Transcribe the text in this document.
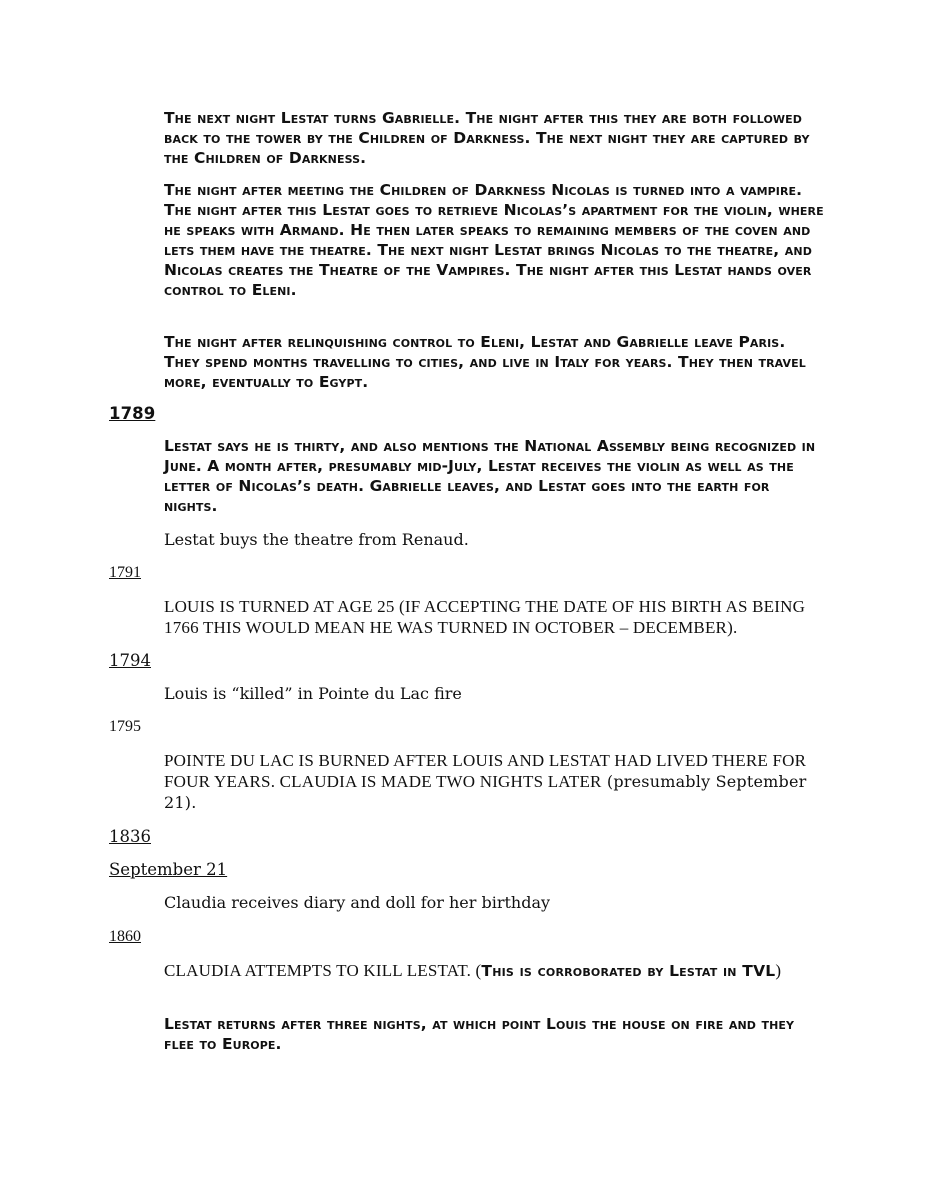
The next night Lestat turns Gabrielle. The night after this they are both followed back to the tower by the Children of Darkness. The next night they are captured by the Children of Darkness.

The night after meeting the Children of Darkness Nicolas is turned into a vampire. The night after this Lestat goes to retrieve Nicolas’s apartment for the violin, where he speaks with Armand. He then later speaks to remaining members of the coven and lets them have the theatre. The next night Lestat brings Nicolas to the theatre, and Nicolas creates the Theatre of the Vampires. The night after this Lestat hands over control to Eleni.

The night after relinquishing control to Eleni, Lestat and Gabrielle leave Paris. They spend months travelling to cities, and live in Italy for years. They then travel more, eventually to Egypt.

1789

Lestat says he is thirty, and also mentions the National Assembly being recognized in June. A month after, presumably mid-July, Lestat receives the violin as well as the letter of Nicolas’s death. Gabrielle leaves, and Lestat goes into the earth for nights.

Lestat buys the theatre from Renaud.

1791

LOUIS IS TURNED AT AGE 25 (IF ACCEPTING THE DATE OF HIS BIRTH AS BEING 1766 THIS WOULD MEAN HE WAS TURNED IN OCTOBER – DECEMBER).

1794

Louis is “killed” in Pointe du Lac fire

1795

POINTE DU LAC IS BURNED AFTER LOUIS AND LESTAT HAD LIVED THERE FOR FOUR YEARS. CLAUDIA IS MADE TWO NIGHTS LATER (presumably September 21).

1836
September 21

Claudia receives diary and doll for her birthday

1860

CLAUDIA ATTEMPTS TO KILL LESTAT. (This is corroborated by Lestat in TVL)

Lestat returns after three nights, at which point Louis the house on fire and they flee to Europe.
